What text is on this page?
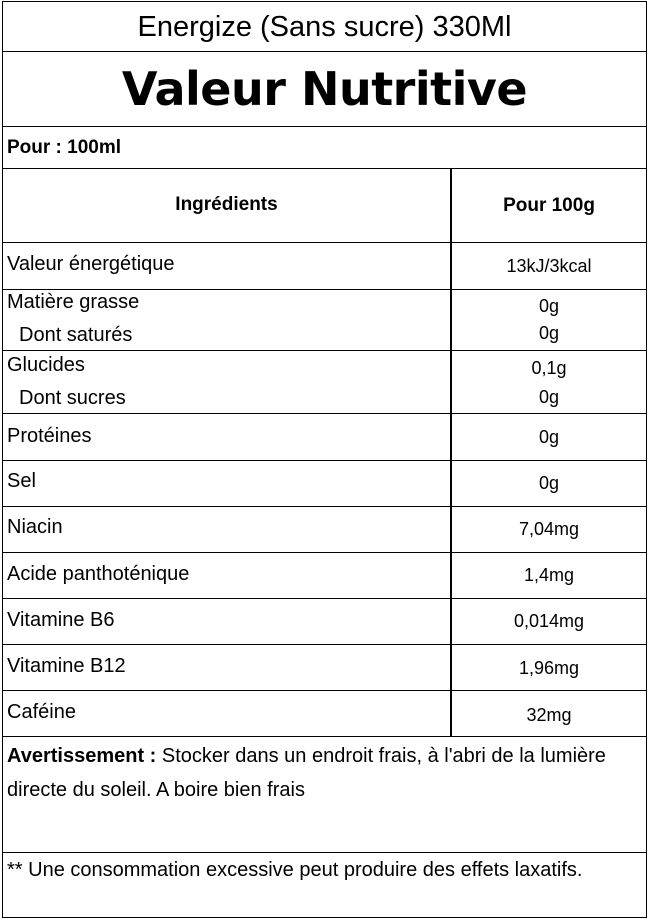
Energize (Sans sucre) 330Ml
Valeur Nutritive
Pour : 100ml
Ingrédients	Pour 100g
Valeur énergétique	13kJ/3kcal
Matière grasse	0g
Dont saturés	0g
Glucides	0,1g
Dont sucres	0g
Protéines	0g
Sel	0g
Niacin	7,04mg
Acide panthoténique	1,4mg
Vitamine B6	0,014mg
Vitamine B12	1,96mg
Caféine	32mg
Avertissement : Stocker dans un endroit frais, à l'abri de la lumière directe du soleil. A boire bien frais
** Une consommation excessive peut produire des effets laxatifs.
